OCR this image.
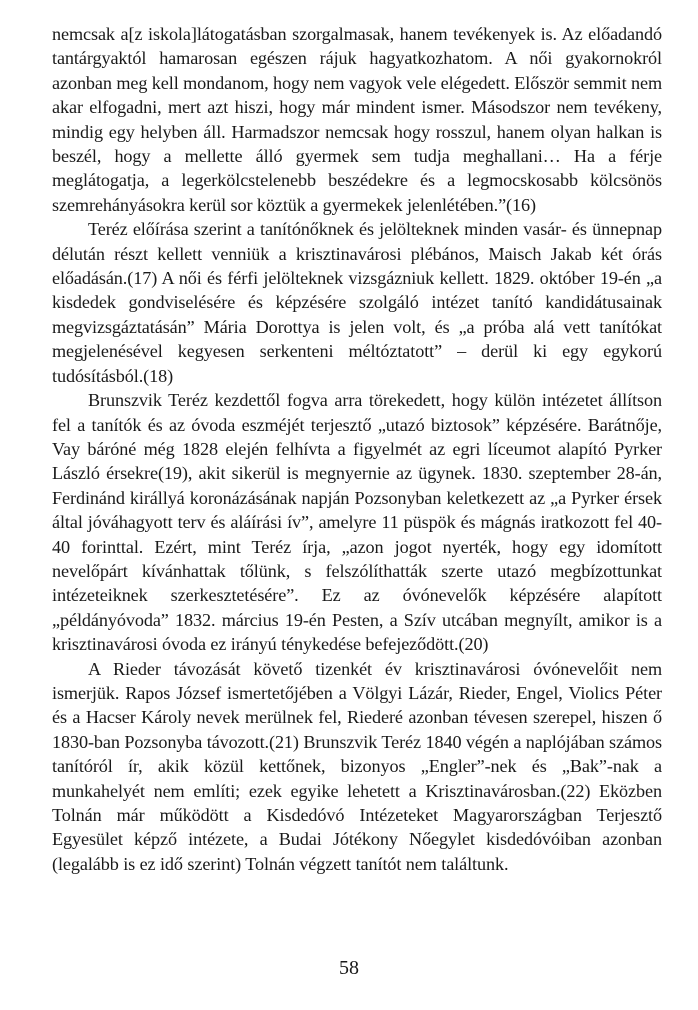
nemcsak a[z iskola]látogatásban szorgalmasak, hanem tevékenyek is. Az előadandó tantárgyaktól hamarosan egészen rájuk hagyatkozhatom. A női gyakornokról azonban meg kell mondanom, hogy nem vagyok vele elégedett. Először semmit nem akar elfogadni, mert azt hiszi, hogy már mindent ismer. Másodszor nem tevékeny, mindig egy helyben áll. Harmadszor nemcsak hogy rosszul, hanem olyan halkan is beszél, hogy a mellette álló gyermek sem tudja meghallani… Ha a férje meglátogatja, a legerkölcstelenebb beszédekre és a legmocskosabb kölcsönös szemrehányásokra kerül sor köztük a gyermekek jelenlétében.”(16)

Teréz előírása szerint a tanítónőknek és jelölteknek minden vasár- és ünnepnap délután részt kellett venniük a krisztinavárosi plébános, Maisch Jakab két órás előadásán.(17) A női és férfi jelölteknek vizsgázniuk kellett. 1829. október 19-én „a kisdedek gondviselésére és képzésére szolgáló intézet tanító kandidátusainak megvizsgáztatásán” Mária Dorottya is jelen volt, és „a próba alá vett tanítókat megjelenésével kegyesen serkenteni méltóztatott” – derül ki egy egykorú tudósításból.(18)

Brunszvik Teréz kezdettől fogva arra törekedett, hogy külön intézetet állítson fel a tanítók és az óvoda eszméjét terjesztő „utazó biztosok” képzésére. Barátnője, Vay báróné még 1828 elején felhívta a figyelmét az egri líceumot alapító Pyrker László érsekre(19), akit sikerül is megnyernie az ügynek. 1830. szeptember 28-án, Ferdinánd királlyá koronázásának napján Pozsonyban keletkezett az „a Pyrker érsek által jóváhagyott terv és aláírási ív”, amelyre 11 püspök és mágnás iratkozott fel 40-40 forinttal. Ezért, mint Teréz írja, „azon jogot nyerték, hogy egy idomított nevelőpárt kívánhattak tőlünk, s felszólíthatták szerte utazó megbízottunkat intézeteiknek szerkesztetésére”. Ez az óvónevelők képzésére alapított „példányóvoda” 1832. március 19-én Pesten, a Szív utcában megnyílt, amikor is a krisztinavárosi óvoda ez irányú ténykedése befejeződött.(20)

A Rieder távozását követő tizenkét év krisztinavárosi óvónevelőit nem ismerjük. Rapos József ismertetőjében a Völgyi Lázár, Rieder, Engel, Violics Péter és a Hacser Károly nevek merülnek fel, Riederé azonban tévesen szerepel, hiszen ő 1830-ban Pozsonyba távozott.(21) Brunszvik Teréz 1840 végén a naplójában számos tanítóról ír, akik közül kettőnek, bizonyos „Engler”-nek és „Bak”-nak a munkahelyét nem említi; ezek egyike lehetett a Krisztinavárosban.(22) Eközben Tolnán már működött a Kisdedóvó Intézeteket Magyarországban Terjesztő Egyesület képző intézete, a Budai Jótékony Nőegylet kisdedóvóiban azonban (legalább is ez idő szerint) Tolnán végzett tanítót nem találtunk.

58
